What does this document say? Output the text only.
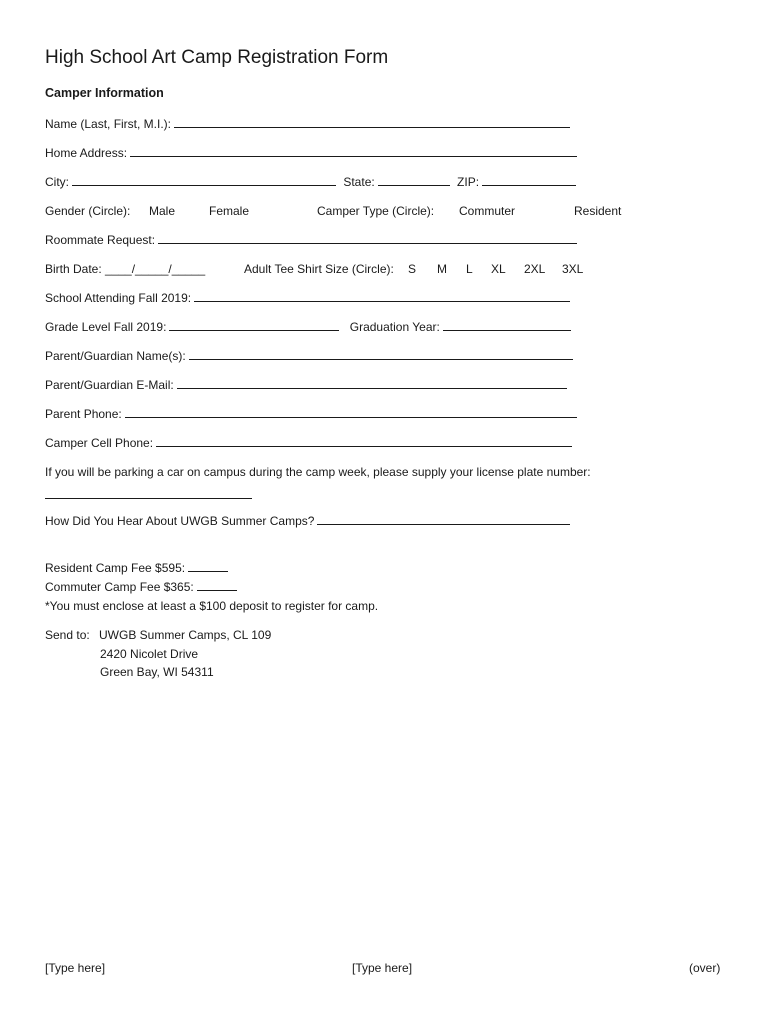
High School Art Camp Registration Form
Camper Information
Name (Last, First, M.I.):
Home Address:
City:	State:	ZIP:
Gender (Circle): Male	Female	Camper Type (Circle): Commuter	Resident
Roommate Request:
Birth Date: ____/_____/_____	Adult Tee Shirt Size (Circle): S M L XL 2XL 3XL
School Attending Fall 2019:
Grade Level Fall 2019:	Graduation Year:
Parent/Guardian Name(s):
Parent/Guardian E-Mail:
Parent Phone:
Camper Cell Phone:
If you will be parking a car on campus during the camp week, please supply your license plate number:
How Did You Hear About UWGB Summer Camps?
Resident Camp Fee $595:
Commuter Camp Fee $365:
*You must enclose at least a $100 deposit to register for camp.
Send to: UWGB Summer Camps, CL 109
2420 Nicolet Drive
Green Bay, WI 54311
[Type here]	[Type here]	(over)
